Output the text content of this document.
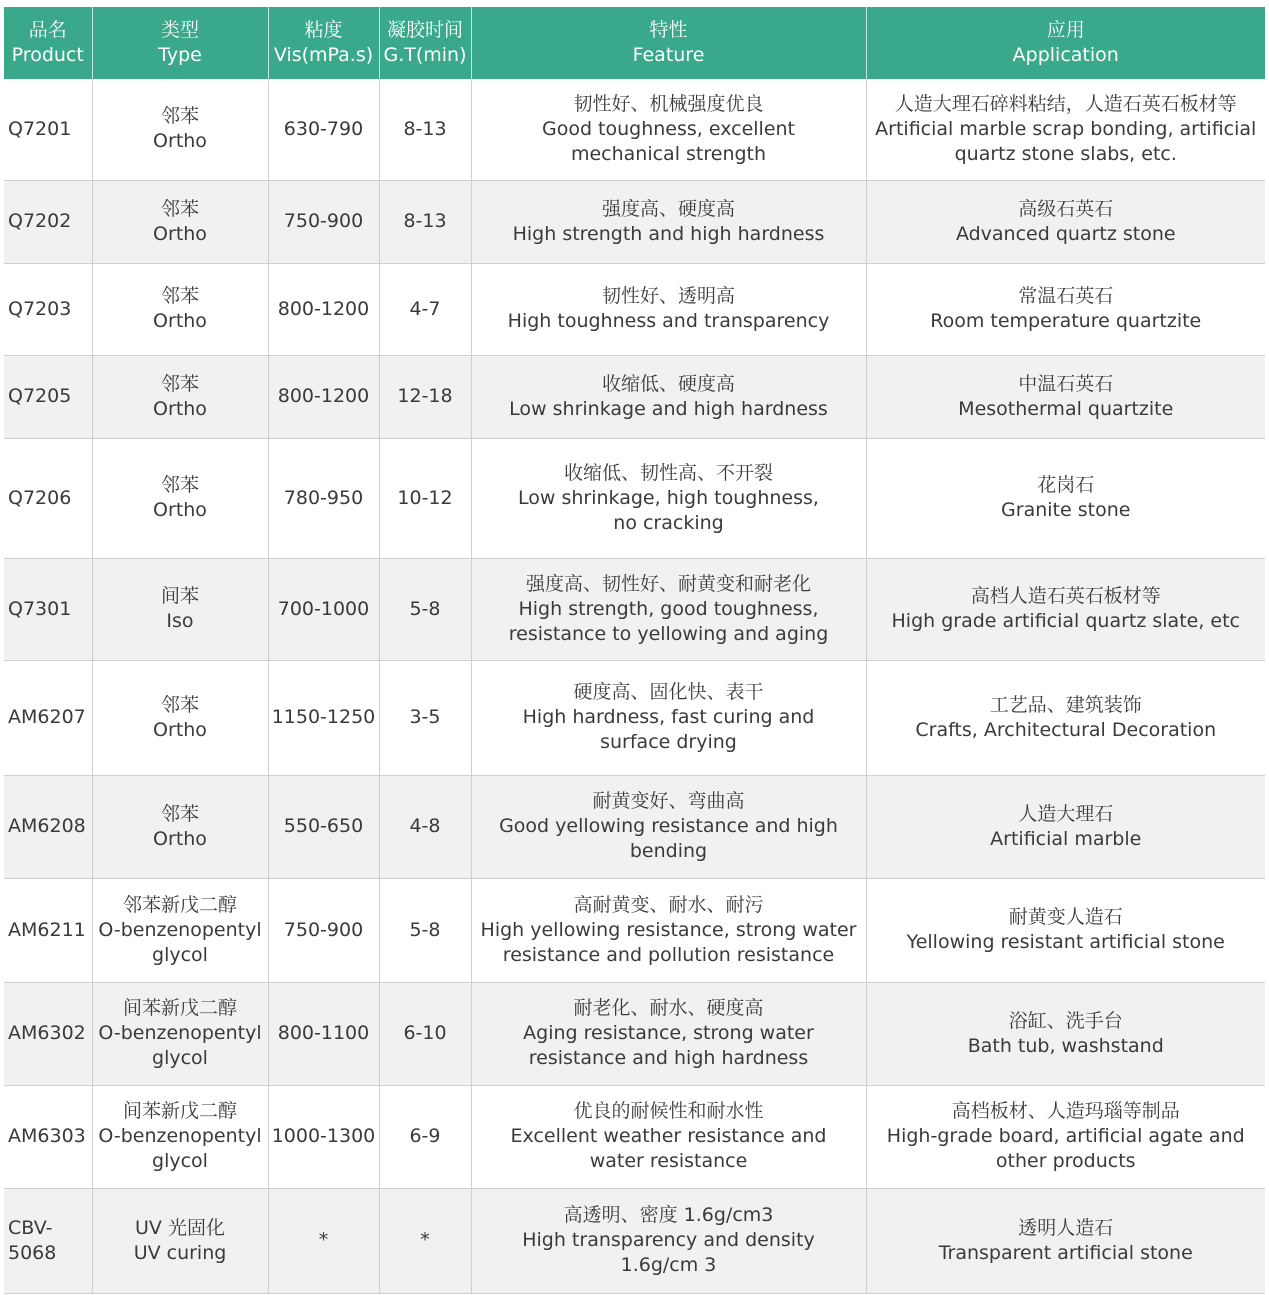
品名
Product	类型
Type	粘度
Vis(mPa.s)	凝胶时间
G.T(min)	特性
Feature	应用
Application

Q7201	邻苯
Ortho	630-790	8-13	韧性好、机械强度优良
Good toughness, excellent
mechanical strength	人造大理石碎料粘结，人造石英石板材等
Artificial marble scrap bonding, artificial
quartz stone slabs, etc.

Q7202	邻苯
Ortho	750-900	8-13	强度高、硬度高
High strength and high hardness	高级石英石
Advanced quartz stone

Q7203	邻苯
Ortho	800-1200	4-7	韧性好、透明高
High toughness and transparency	常温石英石
Room temperature quartzite

Q7205	邻苯
Ortho	800-1200	12-18	收缩低、硬度高
Low shrinkage and high hardness	中温石英石
Mesothermal quartzite

Q7206	邻苯
Ortho	780-950	10-12	收缩低、韧性高、不开裂
Low shrinkage, high toughness,
no cracking	花岗石
Granite stone

Q7301	间苯
Iso	700-1000	5-8	强度高、韧性好、耐黄变和耐老化
High strength, good toughness,
resistance to yellowing and aging	高档人造石英石板材等
High grade artificial quartz slate, etc

AM6207	邻苯
Ortho	1150-1250	3-5	硬度高、固化快、表干
High hardness, fast curing and
surface drying	工艺品、建筑装饰
Crafts, Architectural Decoration

AM6208	邻苯
Ortho	550-650	4-8	耐黄变好、弯曲高
Good yellowing resistance and high
bending	人造大理石
Artificial marble

AM6211	邻苯新戊二醇
O-benzenopentyl
glycol	750-900	5-8	高耐黄变、耐水、耐污
High yellowing resistance, strong water
resistance and pollution resistance	耐黄变人造石
Yellowing resistant artificial stone

AM6302	间苯新戊二醇
O-benzenopentyl
glycol	800-1100	6-10	耐老化、耐水、硬度高
Aging resistance, strong water
resistance and high hardness	浴缸、洗手台
Bath tub, washstand

AM6303	间苯新戊二醇
O-benzenopentyl
glycol	1000-1300	6-9	优良的耐候性和耐水性
Excellent weather resistance and
water resistance	高档板材、人造玛瑙等制品
High-grade board, artificial agate and
other products

CBV-5068	UV 光固化
UV curing	*	*	高透明、密度 1.6g/cm3
High transparency and density
1.6g/cm 3	透明人造石
Transparent artificial stone
